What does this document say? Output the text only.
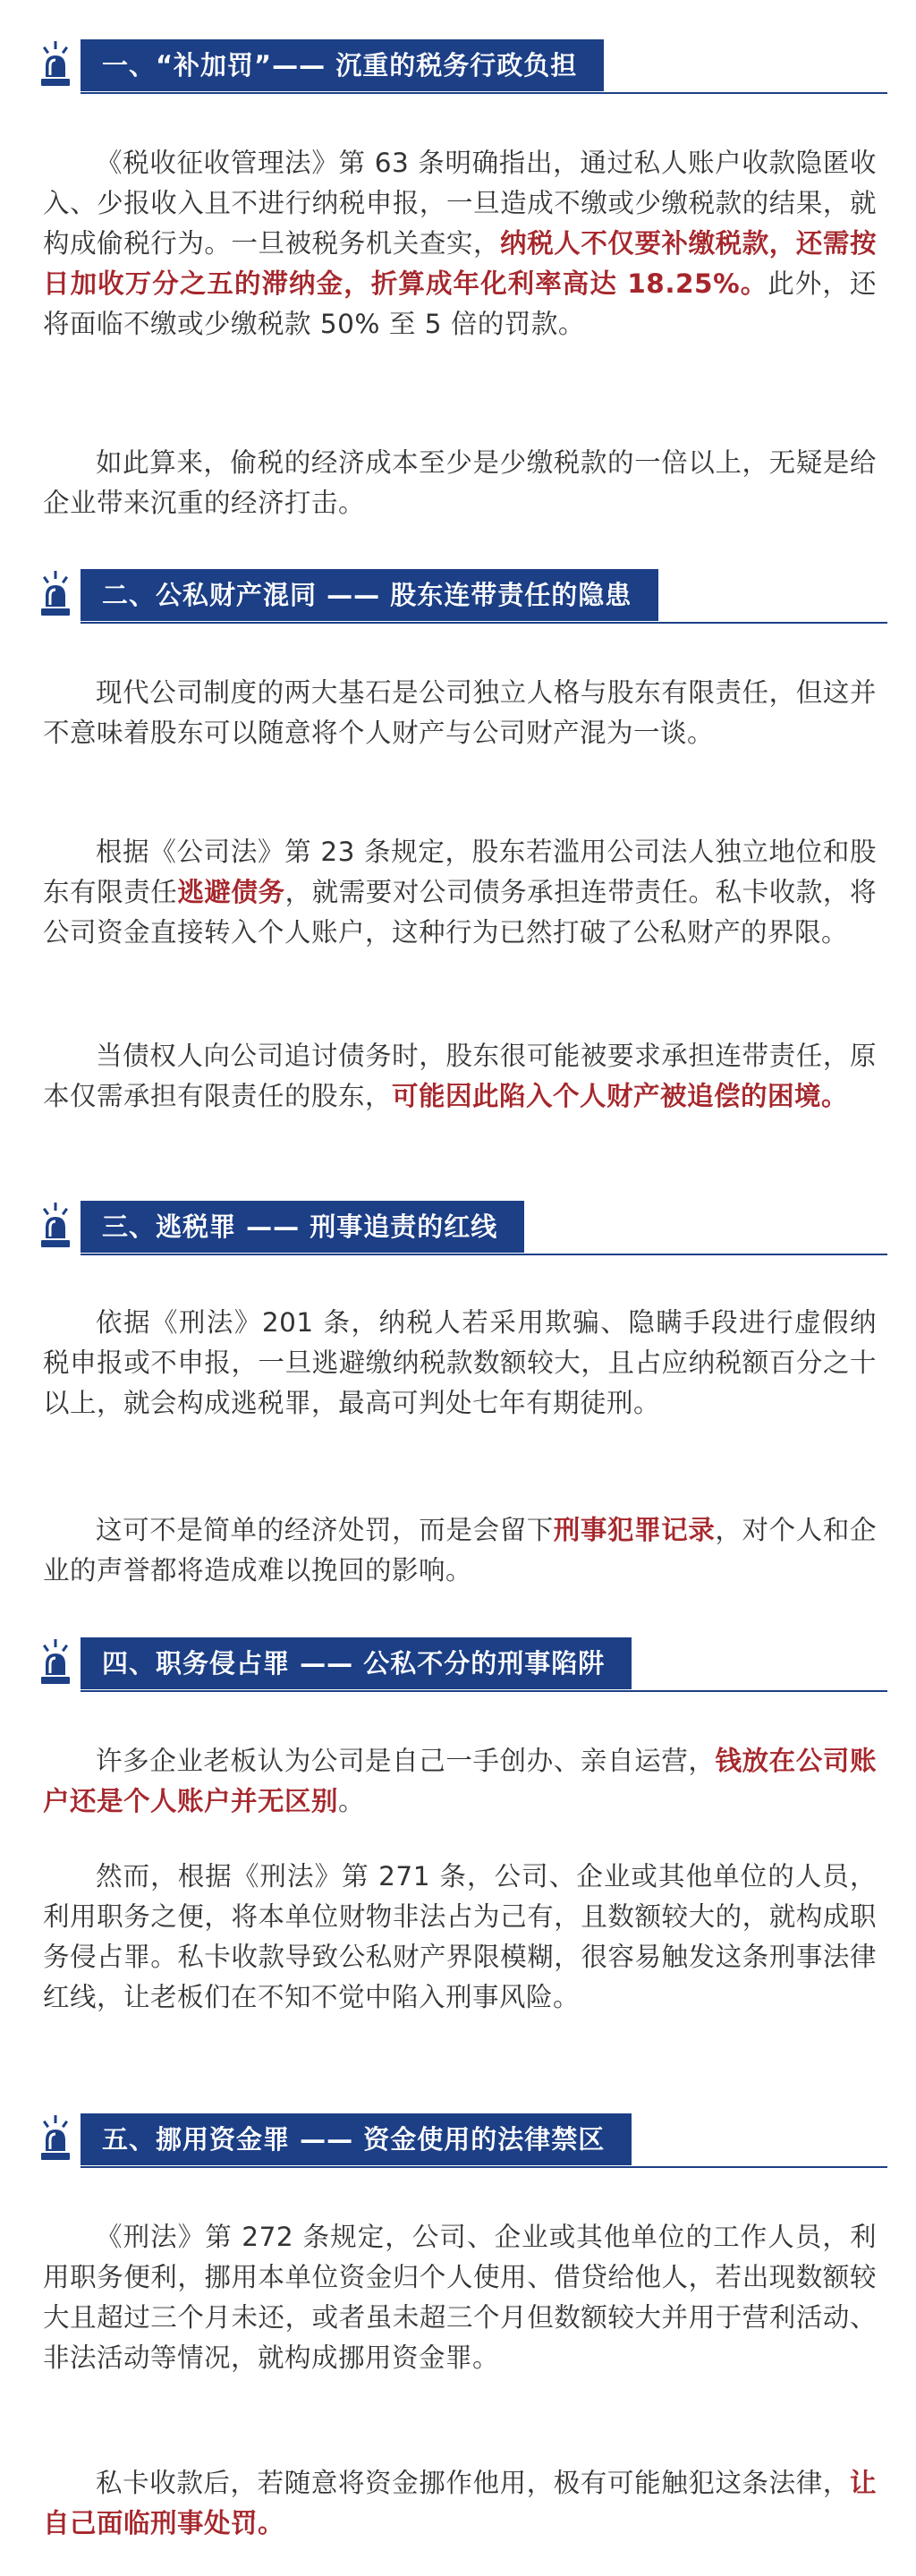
一、“补加罚”—— 沉重的税务行政负担

《税收征收管理法》第 63 条明确指出，通过私人账户收款隐匿收入、少报收入且不进行纳税申报，一旦造成不缴或少缴税款的结果，就构成偷税行为。一旦被税务机关查实，纳税人不仅要补缴税款，还需按日加收万分之五的滞纳金，折算成年化利率高达 18.25%。此外，还将面临不缴或少缴税款 50% 至 5 倍的罚款。

如此算来，偷税的经济成本至少是少缴税款的一倍以上，无疑是给企业带来沉重的经济打击。

二、公私财产混同 —— 股东连带责任的隐患

现代公司制度的两大基石是公司独立人格与股东有限责任，但这并不意味着股东可以随意将个人财产与公司财产混为一谈。

根据《公司法》第 23 条规定，股东若滥用公司法人独立地位和股东有限责任逃避债务，就需要对公司债务承担连带责任。私卡收款，将公司资金直接转入个人账户，这种行为已然打破了公私财产的界限。

当债权人向公司追讨债务时，股东很可能被要求承担连带责任，原本仅需承担有限责任的股东，可能因此陷入个人财产被追偿的困境。

三、逃税罪 —— 刑事追责的红线

依据《刑法》201 条，纳税人若采用欺骗、隐瞒手段进行虚假纳税申报或不申报，一旦逃避缴纳税款数额较大，且占应纳税额百分之十以上，就会构成逃税罪，最高可判处七年有期徒刑。

这可不是简单的经济处罚，而是会留下刑事犯罪记录，对个人和企业的声誉都将造成难以挽回的影响。

四、职务侵占罪 —— 公私不分的刑事陷阱

许多企业老板认为公司是自己一手创办、亲自运营，钱放在公司账户还是个人账户并无区别。

然而，根据《刑法》第 271 条，公司、企业或其他单位的人员，利用职务之便，将本单位财物非法占为己有，且数额较大的，就构成职务侵占罪。私卡收款导致公私财产界限模糊，很容易触发这条刑事法律红线，让老板们在不知不觉中陷入刑事风险。

五、挪用资金罪 —— 资金使用的法律禁区

《刑法》第 272 条规定，公司、企业或其他单位的工作人员，利用职务便利，挪用本单位资金归个人使用、借贷给他人，若出现数额较大且超过三个月未还，或者虽未超三个月但数额较大并用于营利活动、非法活动等情况，就构成挪用资金罪。

私卡收款后，若随意将资金挪作他用，极有可能触犯这条法律，让自己面临刑事处罚。
